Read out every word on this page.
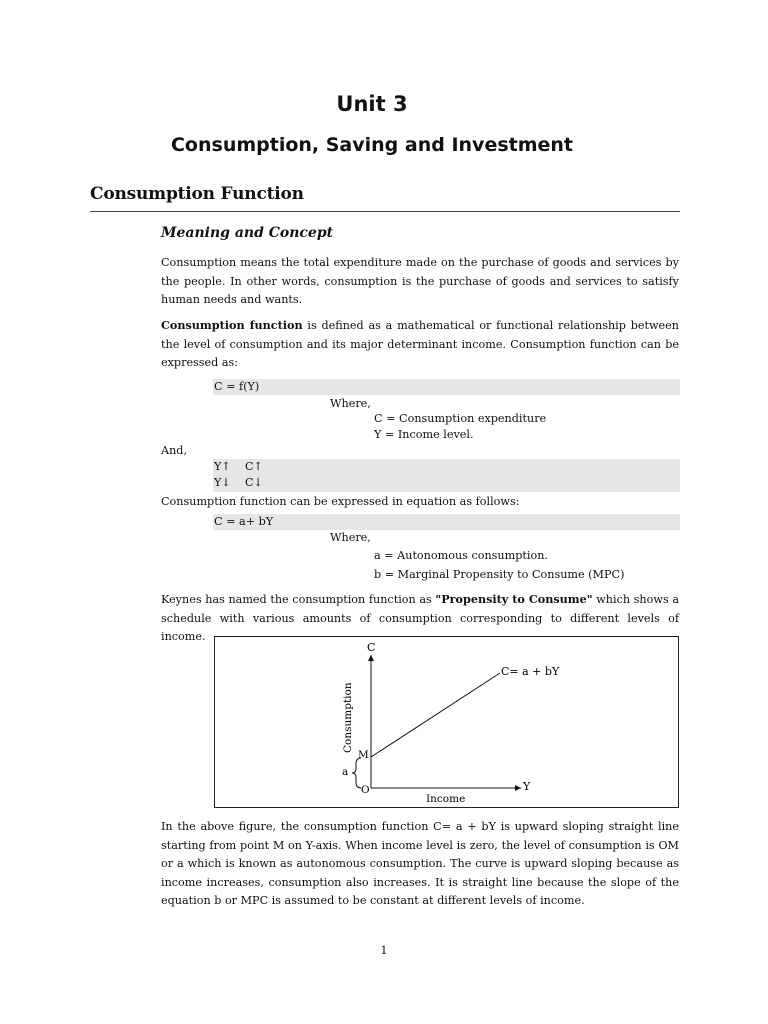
Unit 3
Consumption, Saving and Investment
Consumption Function
Meaning and Concept
Consumption means the total expenditure made on the purchase of goods and services by the people. In other words, consumption is the purchase of goods and services to satisfy human needs and wants.
Consumption function is defined as a mathematical or functional relationship between the level of consumption and its major determinant income. Consumption function can be expressed as:
C = f(Y)
Where,
C = Consumption expenditure
Y = Income level.
And,
Y↑    C↑
Y↓    C↓
Consumption function can be expressed in equation as follows:
C = a+ bY
Where,
a = Autonomous consumption.
b = Marginal Propensity to Consume (MPC)
Keynes has named the consumption function as "Propensity to Consume" which shows a schedule with various amounts of consumption corresponding to different levels of income.
C
Y
C= a + bY
M
O
a
Income
Consumption
In the above figure, the consumption function C= a + bY is upward sloping straight line starting from point M on Y-axis. When income level is zero, the level of consumption is OM or a which is known as autonomous consumption. The curve is upward sloping because as income increases, consumption also increases. It is straight line because the slope of the equation b or MPC is assumed to be constant at different levels of income.
1
